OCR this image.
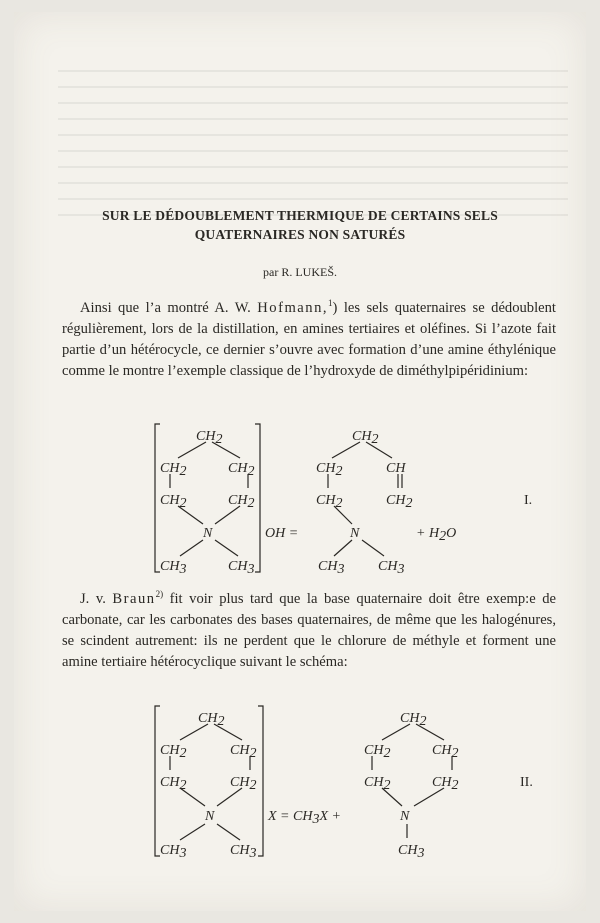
SUR LE DÉDOUBLEMENT THERMIQUE DE CERTAINS SELS
QUATERNAIRES NON SATURÉS
par R. LUKEŠ.
Ainsi que l’a montré A. W. Hofmann,$^1$) les sels quaternaires se dédoublent régulièrement, lors de la distillation, en amines tertiaires et oléfines. Si l’azote fait partie d’un hétérocycle, ce dernier s’ouvre avec formation d’une amine éthylénique comme le montre l’exemple classique de l’hydroxyde de diméthylpipéridinium:
CH2
CH2	CH2
CH2	CH2
N
CH3	CH3
OH =
CH2
CH2	CH
CH2	CH2
N
CH3 CH3
+ H2O
I.
J. v. Braun$^{2)}$ fit voir plus tard que la base quaternaire doit être exemp:e de carbonate, car les carbonates des bases quaternaires, de même que les halogénures, se scindent autrement: ils ne perdent que le chlorure de méthyle et forment une amine tertiaire hétérocyclique suivant le schéma:
CH2
CH2	CH2
CH2	CH2
N
CH3	CH3
X = CH3X +
CH2
CH2	CH2
CH2	CH2
N
CH3
II.
